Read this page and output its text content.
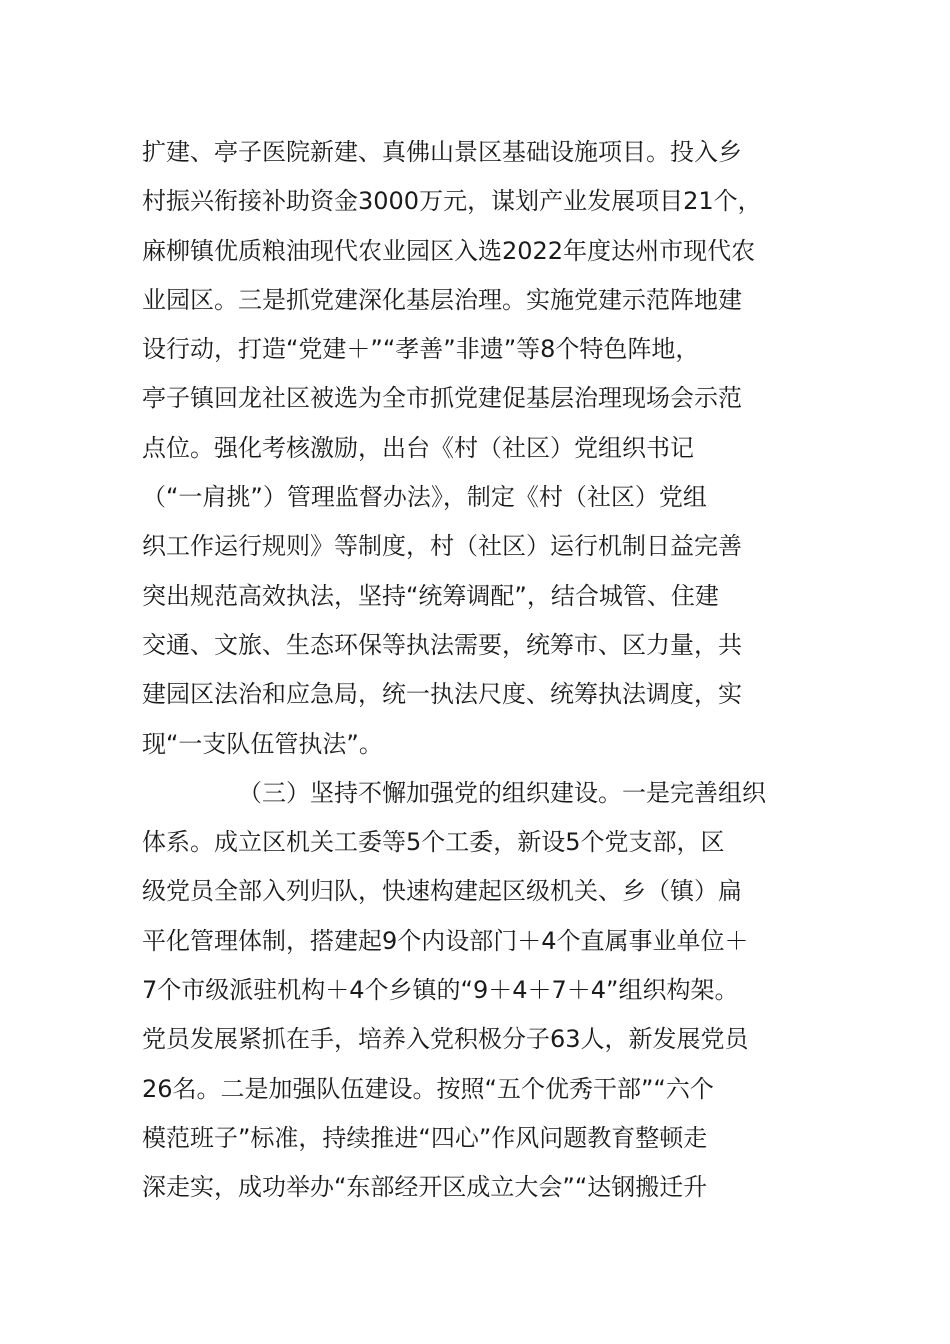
扩建、亭子医院新建、真佛山景区基础设施项目。投入乡
村振兴衔接补助资金3000万元，谋划产业发展项目21个，
麻柳镇优质粮油现代农业园区入选2022年度达州市现代农
业园区。三是抓党建深化基层治理。实施党建示范阵地建
设行动，打造“党建＋”“孝善”非遗”等8个特色阵地，
亭子镇回龙社区被选为全市抓党建促基层治理现场会示范
点位。强化考核激励，出台《村（社区）党组织书记
（“一肩挑”）管理监督办法》，制定《村（社区）党组
织工作运行规则》等制度，村（社区）运行机制日益完善
突出规范高效执法，坚持“统筹调配”，结合城管、住建
交通、文旅、生态环保等执法需要，统筹市、区力量，共
建园区法治和应急局，统一执法尺度、统筹执法调度，实
现“一支队伍管执法”。
（三）坚持不懈加强党的组织建设。一是完善组织
体系。成立区机关工委等5个工委，新设5个党支部，区
级党员全部入列归队，快速构建起区级机关、乡（镇）扁
平化管理体制，搭建起9个内设部门＋4个直属事业单位＋
7个市级派驻机构＋4个乡镇的“9＋4＋7＋4”组织构架。
党员发展紧抓在手，培养入党积极分子63人，新发展党员
26名。二是加强队伍建设。按照“五个优秀干部”“六个
模范班子”标准，持续推进“四心”作风问题教育整顿走
深走实，成功举办“东部经开区成立大会”“达钢搬迁升
